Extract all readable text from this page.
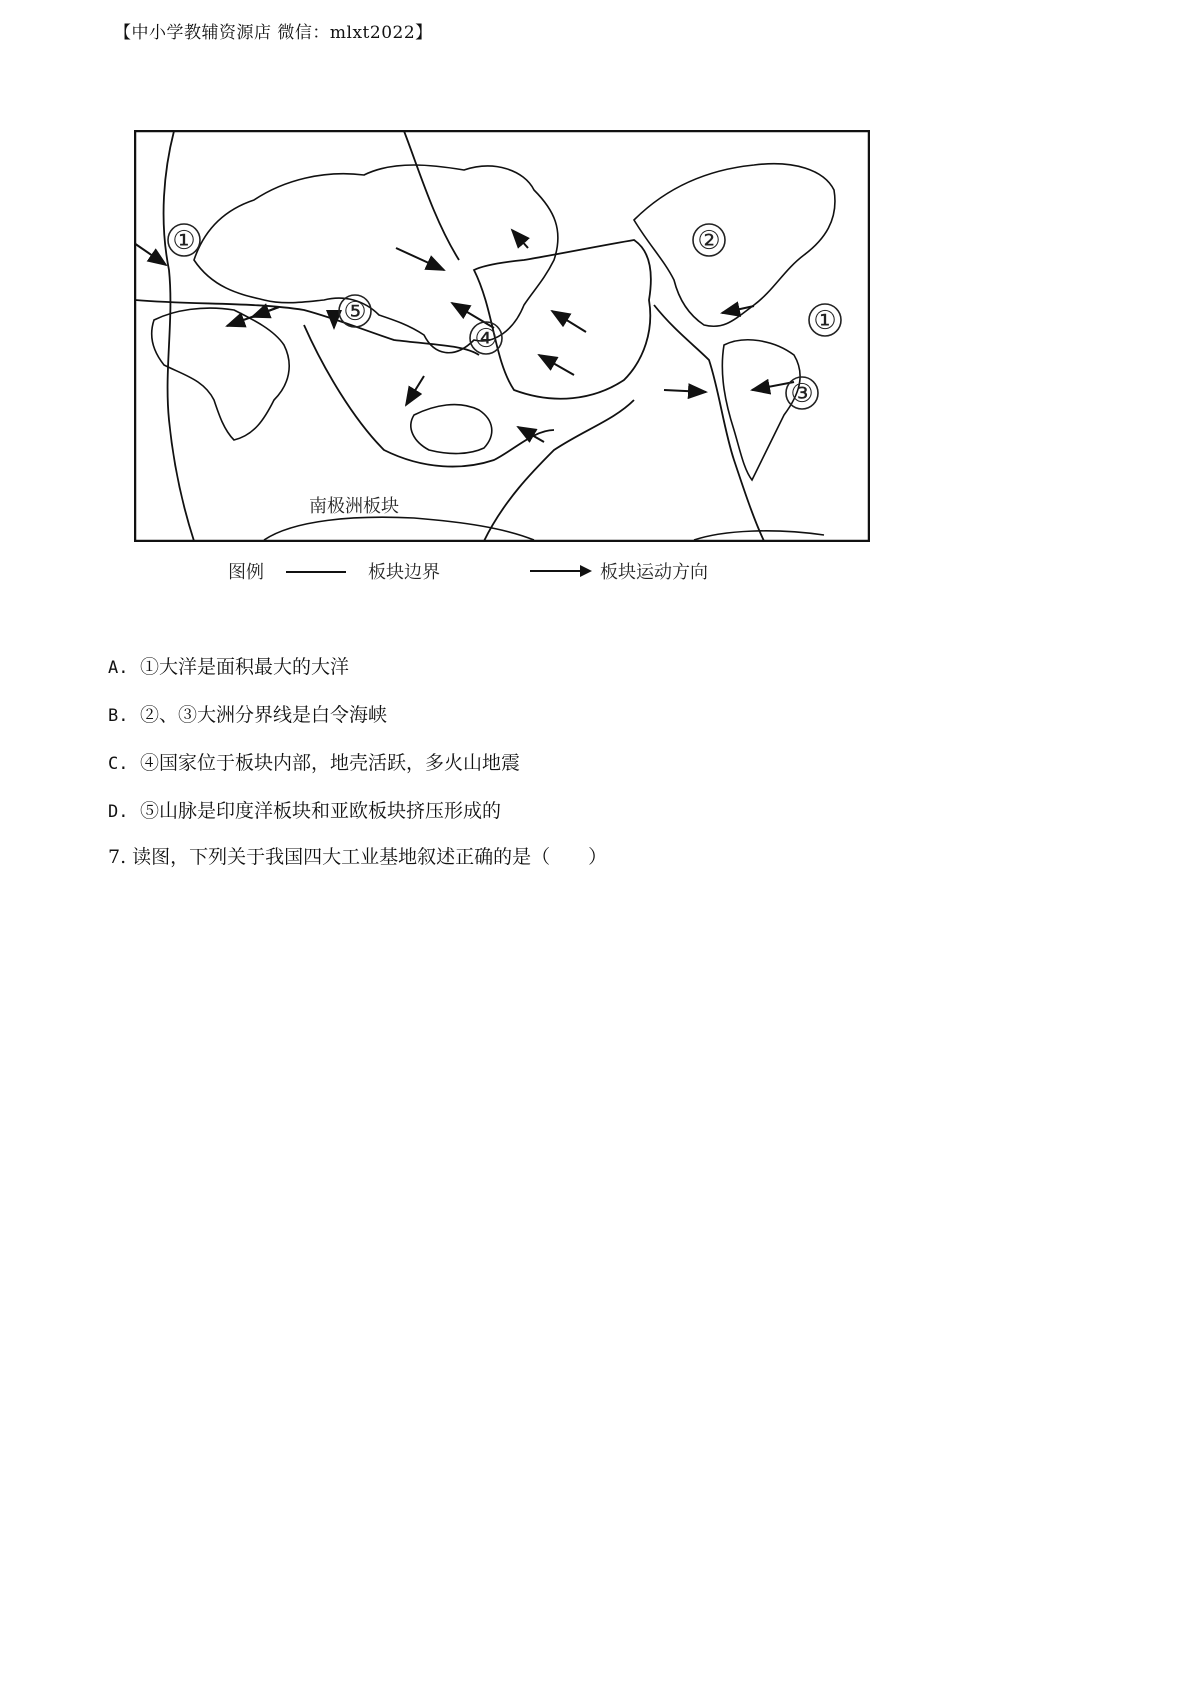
【中小学教辅资源店 微信：mlxt2022】
①
①
②
③
④
⑤
南极洲板块
图例	板块边界	板块运动方向
A. ①大洋是面积最大的大洋
B. ②、③大洲分界线是白令海峡
C. ④国家位于板块内部，地壳活跃，多火山地震
D. ⑤山脉是印度洋板块和亚欧板块挤压形成的
7. 读图，下列关于我国四大工业基地叙述正确的是（　　）
